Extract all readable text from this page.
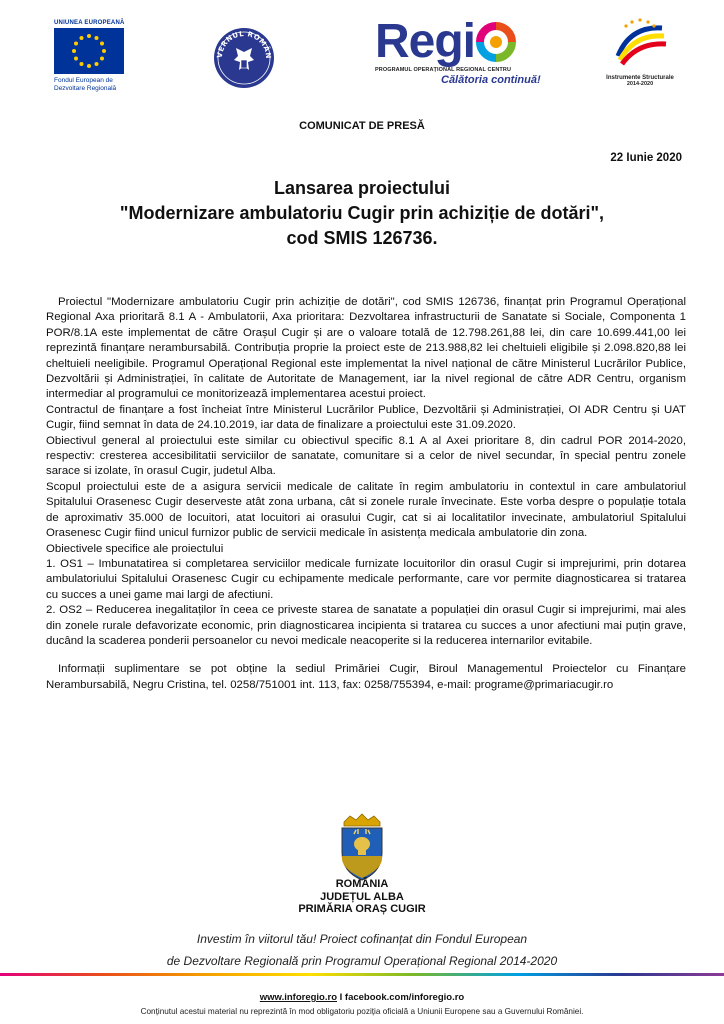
UNIUNEA EUROPEANĂ
Fondul European de
Dezvoltare Regională
VERNUL ROMÂN Regi
PROGRAMUL OPERAȚIONAL REGIONAL CENTRU
Călătoria continuă!	Instrumente Structurale
2014-2020
COMUNICAT DE PRESĂ
22 Iunie 2020
Lansarea proiectului
"Modernizare ambulatoriu Cugir prin achiziție de dotări",
cod SMIS 126736.

Proiectul "Modernizare ambulatoriu Cugir prin achiziție de dotări", cod SMIS 126736, finanțat prin Programul Operațional Regional Axa prioritară 8.1 A - Ambulatorii, Axa prioritara: Dezvoltarea infrastructurii de Sanatate si Sociale, Componenta 1 POR/8.1A este implementat de către Orașul Cugir și are o valoare totală de 12.798.261,88 lei, din care 10.699.441,00 lei reprezintă finanțare nerambursabilă. Contribuția proprie la proiect este de 213.988,82 lei cheltuieli eligibile și 2.098.820,88 lei cheltuieli neeligibile. Programul Operațional Regional este implementat la nivel național de către Ministerul Lucrărilor Publice, Dezvoltării și Administrației, în calitate de Autoritate de Management, iar la nivel regional de către ADR Centru, organism intermediar al programului ce monitorizează implementarea acestui proiect.

Contractul de finanțare a fost încheiat între Ministerul Lucrărilor Publice, Dezvoltării și Administrației, OI ADR Centru și UAT Cugir, fiind semnat în data de 24.10.2019, iar data de finalizare a proiectului este 31.09.2020.

Obiectivul general al proiectului este similar cu obiectivul specific 8.1 A al Axei prioritare 8, din cadrul POR 2014-2020, respectiv: cresterea accesibilitatii serviciilor de sanatate, comunitare si a celor de nivel secundar, în special pentru zonele sarace si izolate, în orasul Cugir, judetul Alba.

Scopul proiectului este de a asigura servicii medicale de calitate în regim ambulatoriu in contextul in care ambulatoriul Spitalului Orasenesc Cugir deserveste atât zona urbana, cât si zonele rurale învecinate. Este vorba despre o populație totala de aproximativ 35.000 de locuitori, atat locuitori ai orasului Cugir, cat si ai localitatilor invecinate, ambulatoriul Spitalului Orasenesc Cugir fiind unicul furnizor public de servicii medicale în asistența medicala ambulatorie din zona.

Obiectivele specifice ale proiectului

1. OS1 – Imbunatatirea si completarea serviciilor medicale furnizate locuitorilor din orasul Cugir si imprejurimi, prin dotarea ambulatoriului Spitalului Orasenesc Cugir cu echipamente medicale performante, care vor permite diagnosticarea si tratarea cu succes a unei game mai largi de afectiuni.

2. OS2 – Reducerea inegalitaților în ceea ce priveste starea de sanatate a populației din orasul Cugir si imprejurimi, mai ales din zonele rurale defavorizate economic, prin diagnosticarea incipienta si tratarea cu succes a unor afectiuni mai puțin grave, ducând la scaderea ponderii persoanelor cu nevoi medicale neacoperite si la reducerea internarilor evitabile.

Informații suplimentare se pot obține la sediul Primăriei Cugir, Biroul Managementul Proiectelor cu Finanțare Nerambursabilă, Negru Cristina, tel. 0258/751001 int. 113, fax: 0258/755394, e-mail: programe@primariacugir.ro

ROMÂNIA
JUDEȚUL ALBA
PRIMĂRIA ORAȘ CUGIR
Investim în viitorul tău! Proiect cofinanțat din Fondul European
de Dezvoltare Regională prin Programul Operațional Regional 2014-2020
www.inforegio.ro I facebook.com/inforegio.ro
Conținutul acestui material nu reprezintă în mod obligatoriu poziția oficială a Uniunii Europene sau a Guvernului României.
